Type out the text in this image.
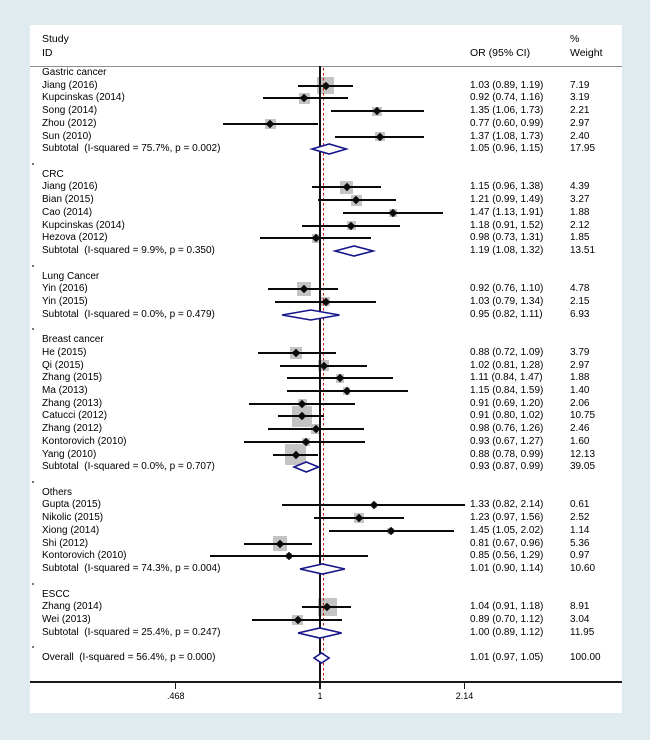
Study
ID	OR (95% CI)
%
Weight
Gastric cancer
Jiang (2016)	1.03 (0.89, 1.19)	7.19
Kupcinskas (2014)	0.92 (0.74, 1.16)	3.19
Song (2014)	1.35 (1.06, 1.73)	2.21
Zhou (2012)	0.77 (0.60, 0.99)	2.97
Sun (2010)	1.37 (1.08, 1.73)	2.40
Subtotal  (I-squared = 75.7%, p = 0.002)	1.05 (0.96, 1.15)	17.95
CRC
Jiang (2016)	1.15 (0.96, 1.38)	4.39
Bian (2015)	1.21 (0.99, 1.49)	3.27
Cao (2014)	1.47 (1.13, 1.91)	1.88
Kupcinskas (2014)	1.18 (0.91, 1.52)	2.12
Hezova (2012)	0.98 (0.73, 1.31)	1.85
Subtotal  (I-squared = 9.9%, p = 0.350)	1.19 (1.08, 1.32)	13.51
Lung Cancer
Yin (2016)	0.92 (0.76, 1.10)	4.78
Yin (2015)	1.03 (0.79, 1.34)	2.15
Subtotal  (I-squared = 0.0%, p = 0.479)	0.95 (0.82, 1.11)	6.93
Breast cancer
He (2015)	0.88 (0.72, 1.09)	3.79
Qi (2015)	1.02 (0.81, 1.28)	2.97
Zhang (2015)	1.11 (0.84, 1.47)	1.88
Ma (2013)	1.15 (0.84, 1.59)	1.40
Zhang (2013)	0.91 (0.69, 1.20)	2.06
Catucci (2012)	0.91 (0.80, 1.02)	10.75
Zhang (2012)	0.98 (0.76, 1.26)	2.46
Kontorovich (2010)	0.93 (0.67, 1.27)	1.60
Yang (2010)	0.88 (0.78, 0.99)	12.13
Subtotal  (I-squared = 0.0%, p = 0.707)	0.93 (0.87, 0.99)	39.05
Others
Gupta (2015)	1.33 (0.82, 2.14)	0.61
Nikolic (2015)	1.23 (0.97, 1.56)	2.52
Xiong (2014)	1.45 (1.05, 2.02)	1.14
Shi (2012)	0.81 (0.67, 0.96)	5.36
Kontorovich (2010)	0.85 (0.56, 1.29)	0.97
Subtotal  (I-squared = 74.3%, p = 0.004)	1.01 (0.90, 1.14)	10.60
ESCC
Zhang (2014)	1.04 (0.91, 1.18)	8.91
Wei (2013)	0.89 (0.70, 1.12)	3.04
Subtotal  (I-squared = 25.4%, p = 0.247)	1.00 (0.89, 1.12)	11.95
Overall  (I-squared = 56.4%, p = 0.000)	1.01 (0.97, 1.05)	100.00
.468	1	2.14
